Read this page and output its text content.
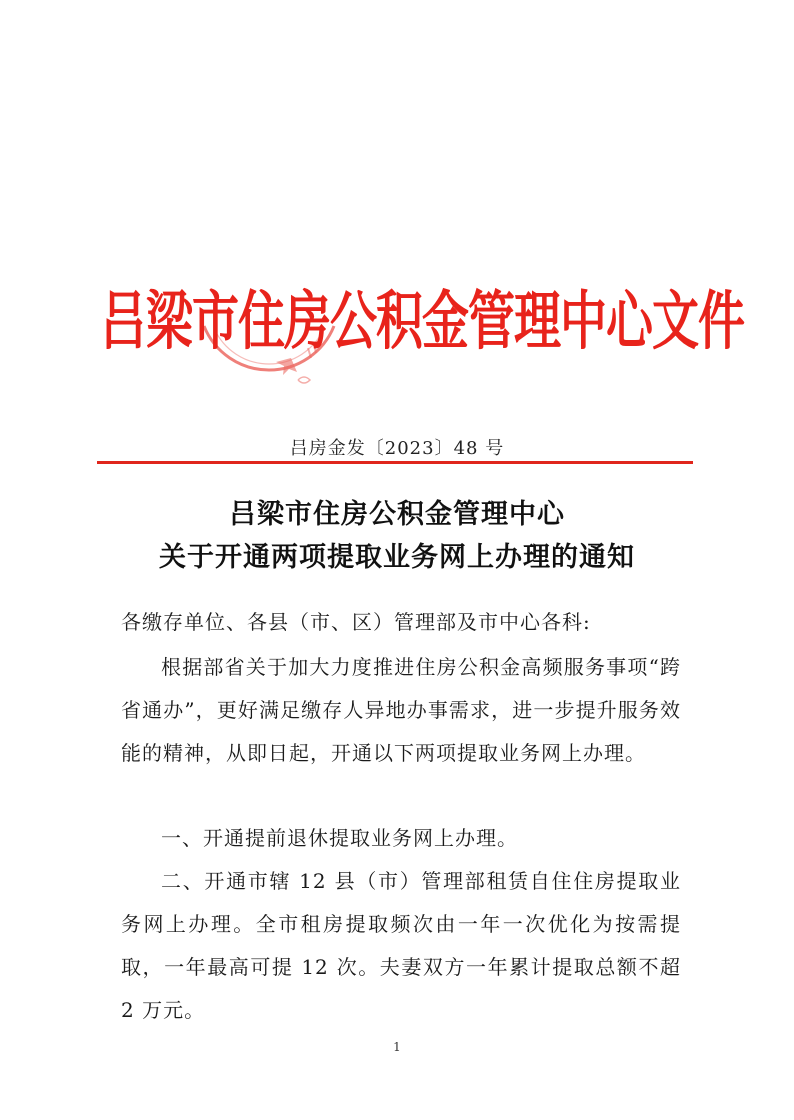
吕梁市住房公积金管理中心文件
吕房金发〔2023〕48 号
吕梁市住房公积金管理中心
关于开通两项提取业务网上办理的通知
各缴存单位、各县（市、区）管理部及市中心各科:
根据部省关于加大力度推进住房公积金高频服务事项“跨省通办”，更好满足缴存人异地办事需求，进一步提升服务效能的精神，从即日起，开通以下两项提取业务网上办理。
一、开通提前退休提取业务网上办理。
二、开通市辖 12 县（市）管理部租赁自住住房提取业务网上办理。全市租房提取频次由一年一次优化为按需提取，一年最高可提 12 次。夫妻双方一年累计提取总额不超 2 万元。
1
